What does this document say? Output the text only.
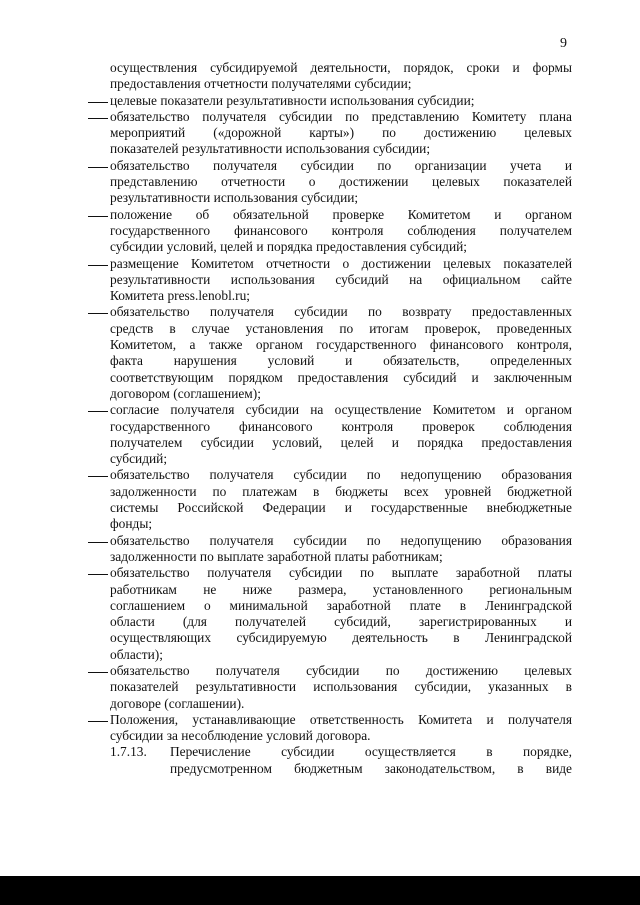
9
осуществления субсидируемой деятельности, порядок, сроки и формы
предоставления отчетности получателями субсидии;
целевые показатели результативности использования субсидии;
обязательство получателя субсидии по представлению Комитету плана
мероприятий («дорожной карты») по достижению целевых
показателей результативности использования субсидии;
обязательство получателя субсидии по организации учета и
представлению отчетности о достижении целевых показателей
результативности использования субсидии;
положение об обязательной проверке Комитетом и органом
государственного финансового контроля соблюдения получателем
субсидии условий, целей и порядка предоставления субсидий;
размещение Комитетом отчетности о достижении целевых показателей
результативности использования субсидий на официальном сайте
Комитета press.lenobl.ru;
обязательство получателя субсидии по возврату предоставленных
средств в случае установления по итогам проверок, проведенных
Комитетом, а также органом государственного финансового контроля,
факта нарушения условий и обязательств, определенных
соответствующим порядком предоставления субсидий и заключенным
договором (соглашением);
согласие получателя субсидии на осуществление Комитетом и органом
государственного финансового контроля проверок соблюдения
получателем субсидии условий, целей и порядка предоставления
субсидий;
обязательство получателя субсидии по недопущению образования
задолженности по платежам в бюджеты всех уровней бюджетной
системы Российской Федерации и государственные внебюджетные
фонды;
обязательство получателя субсидии по недопущению образования
задолженности по выплате заработной платы работникам;
обязательство получателя субсидии по выплате заработной платы
работникам не ниже размера, установленного региональным
соглашением о минимальной заработной плате в Ленинградской
области (для получателей субсидий, зарегистрированных и
осуществляющих субсидируемую деятельность в Ленинградской
области);
обязательство получателя субсидии по достижению целевых
показателей результативности использования субсидии, указанных в
договоре (соглашении).
Положения, устанавливающие ответственность Комитета и получателя
субсидии за несоблюдение условий договора.
1.7.13. Перечисление субсидии осуществляется в порядке,
предусмотренном бюджетным законодательством, в виде
